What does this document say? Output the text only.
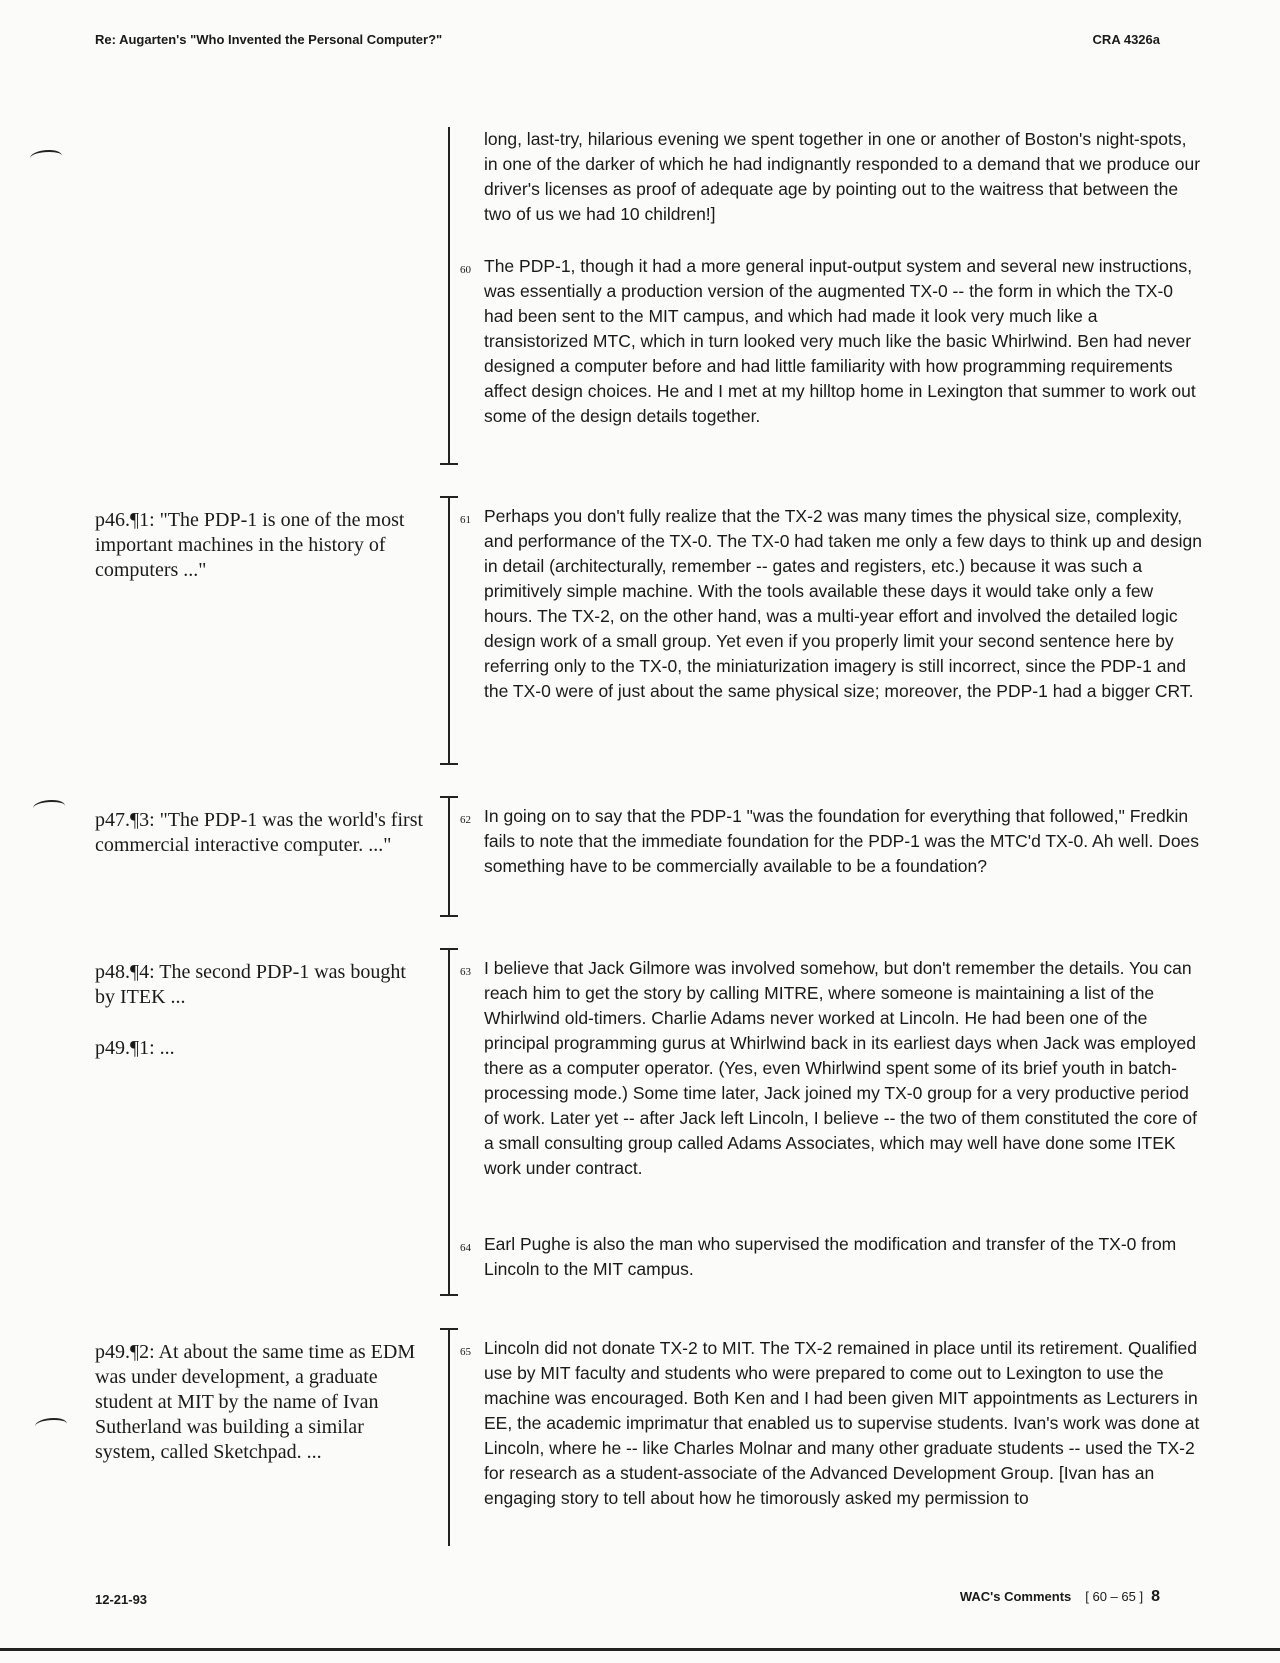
Re: Augarten's "Who Invented the Personal Computer?"	CRA 4326a
long, last-try, hilarious evening we spent together in one or another of Boston's night-spots, in one of the darker of which he had indignantly responded to a demand that we produce our driver's licenses as proof of adequate age by pointing out to the waitress that between the two of us we had 10 children!]
60 The PDP-1, though it had a more general input-output system and several new instructions, was essentially a production version of the augmented TX-0 -- the form in which the TX-0 had been sent to the MIT campus, and which had made it look very much like a transistorized MTC, which in turn looked very much like the basic Whirlwind. Ben had never designed a computer before and had little familiarity with how programming requirements affect design choices. He and I met at my hilltop home in Lexington that summer to work out some of the design details together.
p46.¶1: "The PDP-1 is one of the most important machines in the history of computers ..."
61 Perhaps you don't fully realize that the TX-2 was many times the physical size, complexity, and performance of the TX-0. The TX-0 had taken me only a few days to think up and design in detail (architecturally, remember -- gates and registers, etc.) because it was such a primitively simple machine. With the tools available these days it would take only a few hours. The TX-2, on the other hand, was a multi-year effort and involved the detailed logic design work of a small group. Yet even if you properly limit your second sentence here by referring only to the TX-0, the miniaturization imagery is still incorrect, since the PDP-1 and the TX-0 were of just about the same physical size; moreover, the PDP-1 had a bigger CRT.
p47.¶3: "The PDP-1 was the world's first commercial interactive computer. ..."
62 In going on to say that the PDP-1 "was the foundation for everything that followed," Fredkin fails to note that the immediate foundation for the PDP-1 was the MTC'd TX-0. Ah well. Does something have to be commercially available to be a foundation?
p48.¶4: The second PDP-1 was bought by ITEK ...
p49.¶1: ...
63 I believe that Jack Gilmore was involved somehow, but don't remember the details. You can reach him to get the story by calling MITRE, where someone is maintaining a list of the Whirlwind old-timers. Charlie Adams never worked at Lincoln. He had been one of the principal programming gurus at Whirlwind back in its earliest days when Jack was employed there as a computer operator. (Yes, even Whirlwind spent some of its brief youth in batch-processing mode.) Some time later, Jack joined my TX-0 group for a very productive period of work. Later yet -- after Jack left Lincoln, I believe -- the two of them constituted the core of a small consulting group called Adams Associates, which may well have done some ITEK work under contract.
64 Earl Pughe is also the man who supervised the modification and transfer of the TX-0 from Lincoln to the MIT campus.
p49.¶2: At about the same time as EDM was under development, a graduate student at MIT by the name of Ivan Sutherland was building a similar system, called Sketchpad. ...
65 Lincoln did not donate TX-2 to MIT. The TX-2 remained in place until its retirement. Qualified use by MIT faculty and students who were prepared to come out to Lexington to use the machine was encouraged. Both Ken and I had been given MIT appointments as Lecturers in EE, the academic imprimatur that enabled us to supervise students. Ivan's work was done at Lincoln, where he -- like Charles Molnar and many other graduate students -- used the TX-2 for research as a student-associate of the Advanced Development Group. [Ivan has an engaging story to tell about how he timorously asked my permission to
12-21-93	WAC's Comments [ 60 – 65 ] 8
